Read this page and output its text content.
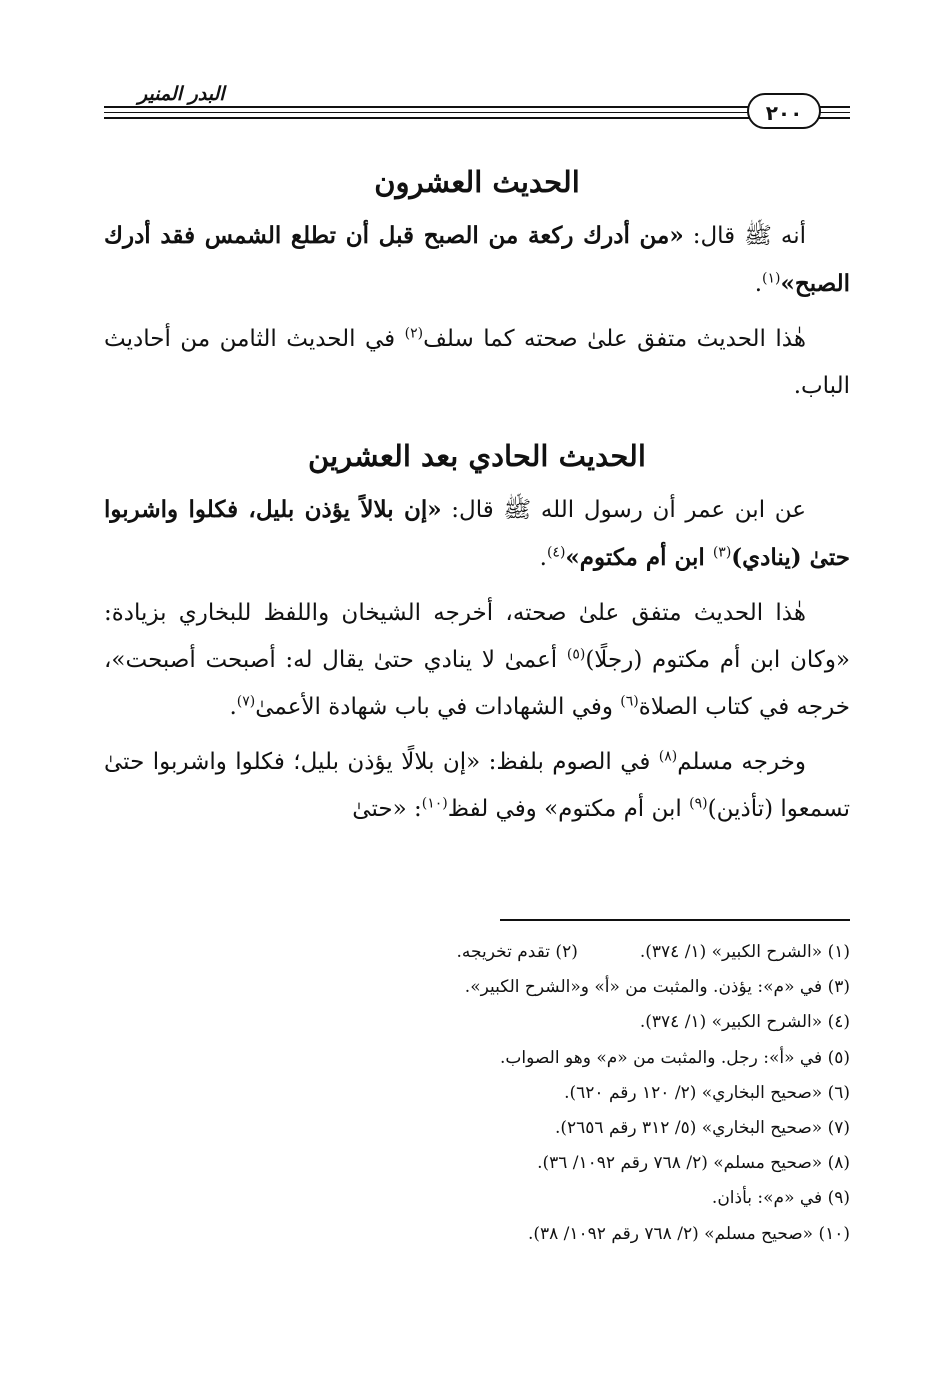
البدر المنير
٢٠٠
الحديث العشرون

أنه ﷺ قال: «من أدرك ركعة من الصبح قبل أن تطلع الشمس فقد أدرك الصبح»$^{(١)}$.

هٰذا الحديث متفق علىٰ صحته كما سلف$^{(٢)}$ في الحديث الثامن من أحاديث الباب.

الحديث الحادي بعد العشرين

عن ابن عمر أن رسول الله ﷺ قال: «إن بلالاً يؤذن بليل، فكلوا واشربوا حتىٰ (ينادي)$^{(٣)}$ ابن أم مكتوم»$^{(٤)}$.

هٰذا الحديث متفق علىٰ صحته، أخرجه الشيخان واللفظ للبخاري بزيادة: «وكان ابن أم مكتوم (رجلًا)$^{(٥)}$ أعمىٰ لا ينادي حتىٰ يقال له: أصبحت أصبحت»، خرجه في كتاب الصلاة$^{(٦)}$ وفي الشهادات في باب شهادة الأعمىٰ$^{(٧)}$.

وخرجه مسلم$^{(٨)}$ في الصوم بلفظ: «إن بلالًا يؤذن بليل؛ فكلوا واشربوا حتىٰ تسمعوا (تأذين)$^{(٩)}$ ابن أم مكتوم» وفي لفظ$^{(١٠)}$: «حتىٰ

(١) «الشرح الكبير» (١/ ٣٧٤).(٢) تقدم تخريجه.
(٣) في «م»: يؤذن. والمثبت من «أ» و«الشرح الكبير».
(٤) «الشرح الكبير» (١/ ٣٧٤).
(٥) في «أ»: رجل. والمثبت من «م» وهو الصواب.
(٦) «صحيح البخاري» (٢/ ١٢٠ رقم ٦٢٠).
(٧) «صحيح البخاري» (٥/ ٣١٢ رقم ٢٦٥٦).
(٨) «صحيح مسلم» (٢/ ٧٦٨ رقم ١٠٩٢/ ٣٦).
(٩) في «م»: بأذان.
(١٠) «صحيح مسلم» (٢/ ٧٦٨ رقم ١٠٩٢/ ٣٨).
